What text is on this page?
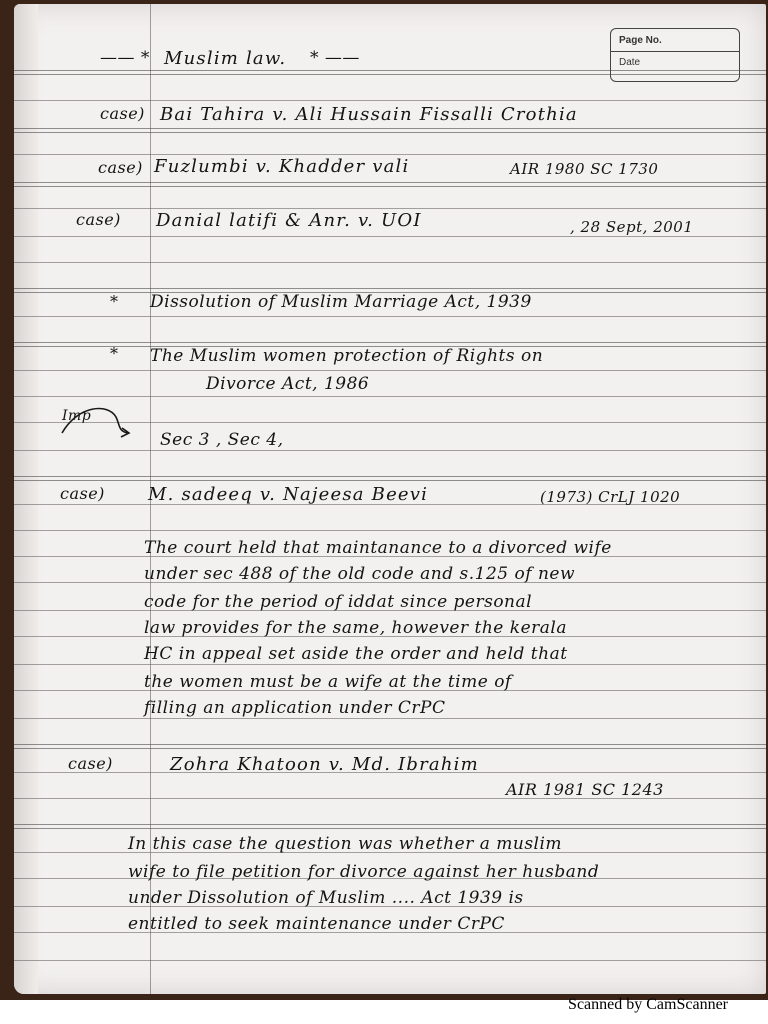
Page No.
Date
—— * Muslim law. * ——
case) Bai Tahira v. Ali Hussain Fissalli Crothia
case) Fuzlumbi v. Khadder vali	AIR 1980 SC 1730
case) Danial latifi & Anr. v. UOI	, 28 Sept, 2001
* Dissolution of Muslim Marriage Act, 1939
* The Muslim women protection of Rights on
Divorce Act, 1986
Imp
Sec 3 , Sec 4,
case) M. sadeeq v. Najeesa Beevi	(1973) CrLJ 1020
The court held that maintanance to a divorced wife
under sec 488 of the old code and s.125 of new
code for the period of iddat since personal
law provides for the same, however the kerala
HC in appeal set aside the order and held that
the women must be a wife at the time of
filling an application under CrPC
case)	Zohra Khatoon v. Md. Ibrahim
AIR 1981 SC 1243
In this case the question was whether a muslim
wife to file petition for divorce against her husband
under Dissolution of Muslim .... Act 1939 is
entitled to seek maintenance under CrPC
Scanned by CamScanner
